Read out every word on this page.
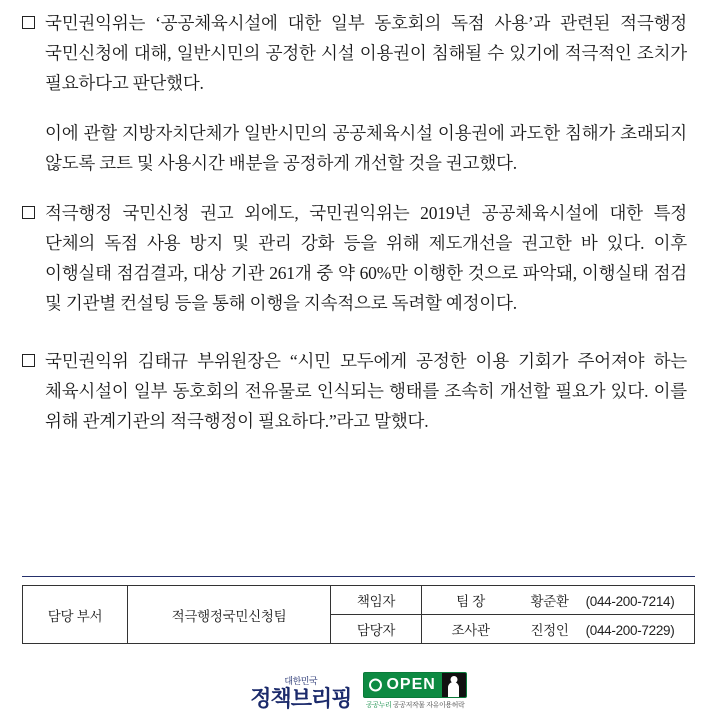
국민권익위는 ‘공공체육시설에 대한 일부 동호회의 독점 사용’과 관련된 적극행정 국민신청에 대해, 일반시민의 공정한 시설 이용권이 침해될 수 있기에 적극적인 조치가 필요하다고 판단했다.
이에 관할 지방자치단체가 일반시민의 공공체육시설 이용권에 과도한 침해가 초래되지 않도록 코트 및 사용시간 배분을 공정하게 개선할 것을 권고했다.
적극행정 국민신청 권고 외에도, 국민권익위는 2019년 공공체육시설에 대한 특정 단체의 독점 사용 방지 및 관리 강화 등을 위해 제도개선을 권고한 바 있다. 이후 이행실태 점검결과, 대상 기관 261개 중 약 60%만 이행한 것으로 파악돼, 이행실태 점검 및 기관별 컨설팅 등을 통해 이행을 지속적으로 독려할 예정이다.
국민권익위 김태규 부위원장은 “시민 모두에게 공정한 이용 기회가 주어져야 하는 체육시설이 일부 동호회의 전유물로 인식되는 행태를 조속히 개선할 필요가 있다. 이를 위해 관계기관의 적극행정이 필요하다.”라고 말했다.
담당 부서	적극행정국민신청팀	책임자	팀 장 황준환 (044-200-7214)
		담당자	조사관 진정인 (044-200-7229)
대한민국
정책브리핑
OPEN
공공누리 공공저작물 자유이용허락
